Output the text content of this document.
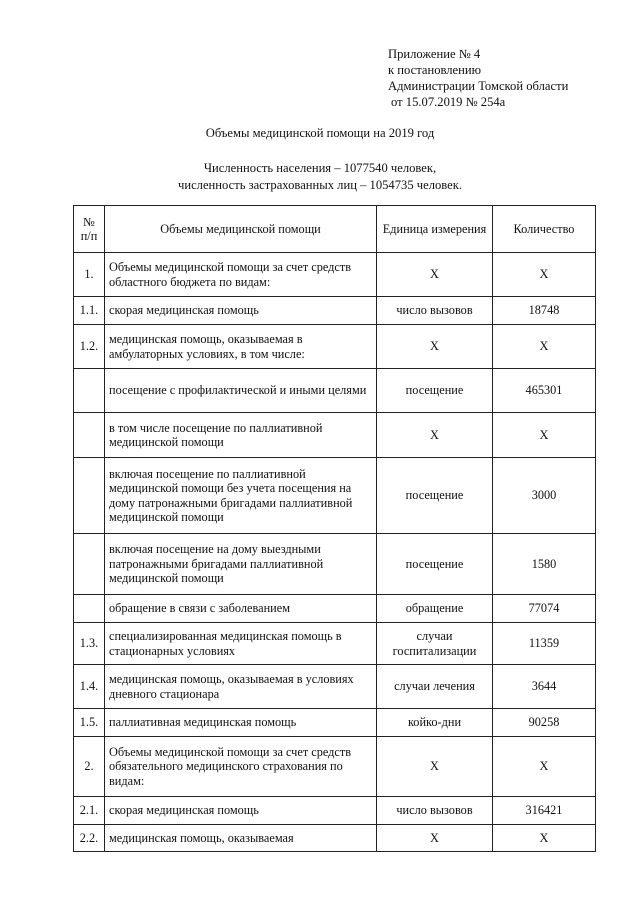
Приложение № 4
к постановлению
Администрации Томской области
от 15.07.2019 № 254а
Объемы медицинской помощи на 2019 год
Численность населения – 1077540 человек,
численность застрахованных лиц – 1054735 человек.
№ п/п	Объемы медицинской помощи	Единица измерения	Количество
1.	Объемы медицинской помощи за счет средств областного бюджета по видам:	Х	Х
1.1.	скорая медицинская помощь	число вызовов	18748
1.2.	медицинская помощь, оказываемая в амбулаторных условиях, в том числе:	Х	Х
	посещение с профилактической и иными целями	посещение	465301
	в том числе посещение по паллиативной медицинской помощи	Х	Х
	включая посещение по паллиативной медицинской помощи без учета посещения на дому патронажными бригадами паллиативной медицинской помощи	посещение	3000
	включая посещение на дому выездными патронажными бригадами паллиативной медицинской помощи	посещение	1580
	обращение в связи с заболеванием	обращение	77074
1.3.	специализированная медицинская помощь в стационарных условиях	случаи госпитализации	11359
1.4.	медицинская помощь, оказываемая в условиях дневного стационара	случаи лечения	3644
1.5.	паллиативная медицинская помощь	койко-дни	90258
2.	Объемы медицинской помощи за счет средств обязательного медицинского страхования по видам:	Х	Х
2.1.	скорая медицинская помощь	число вызовов	316421
2.2.	медицинская помощь, оказываемая	Х	Х
